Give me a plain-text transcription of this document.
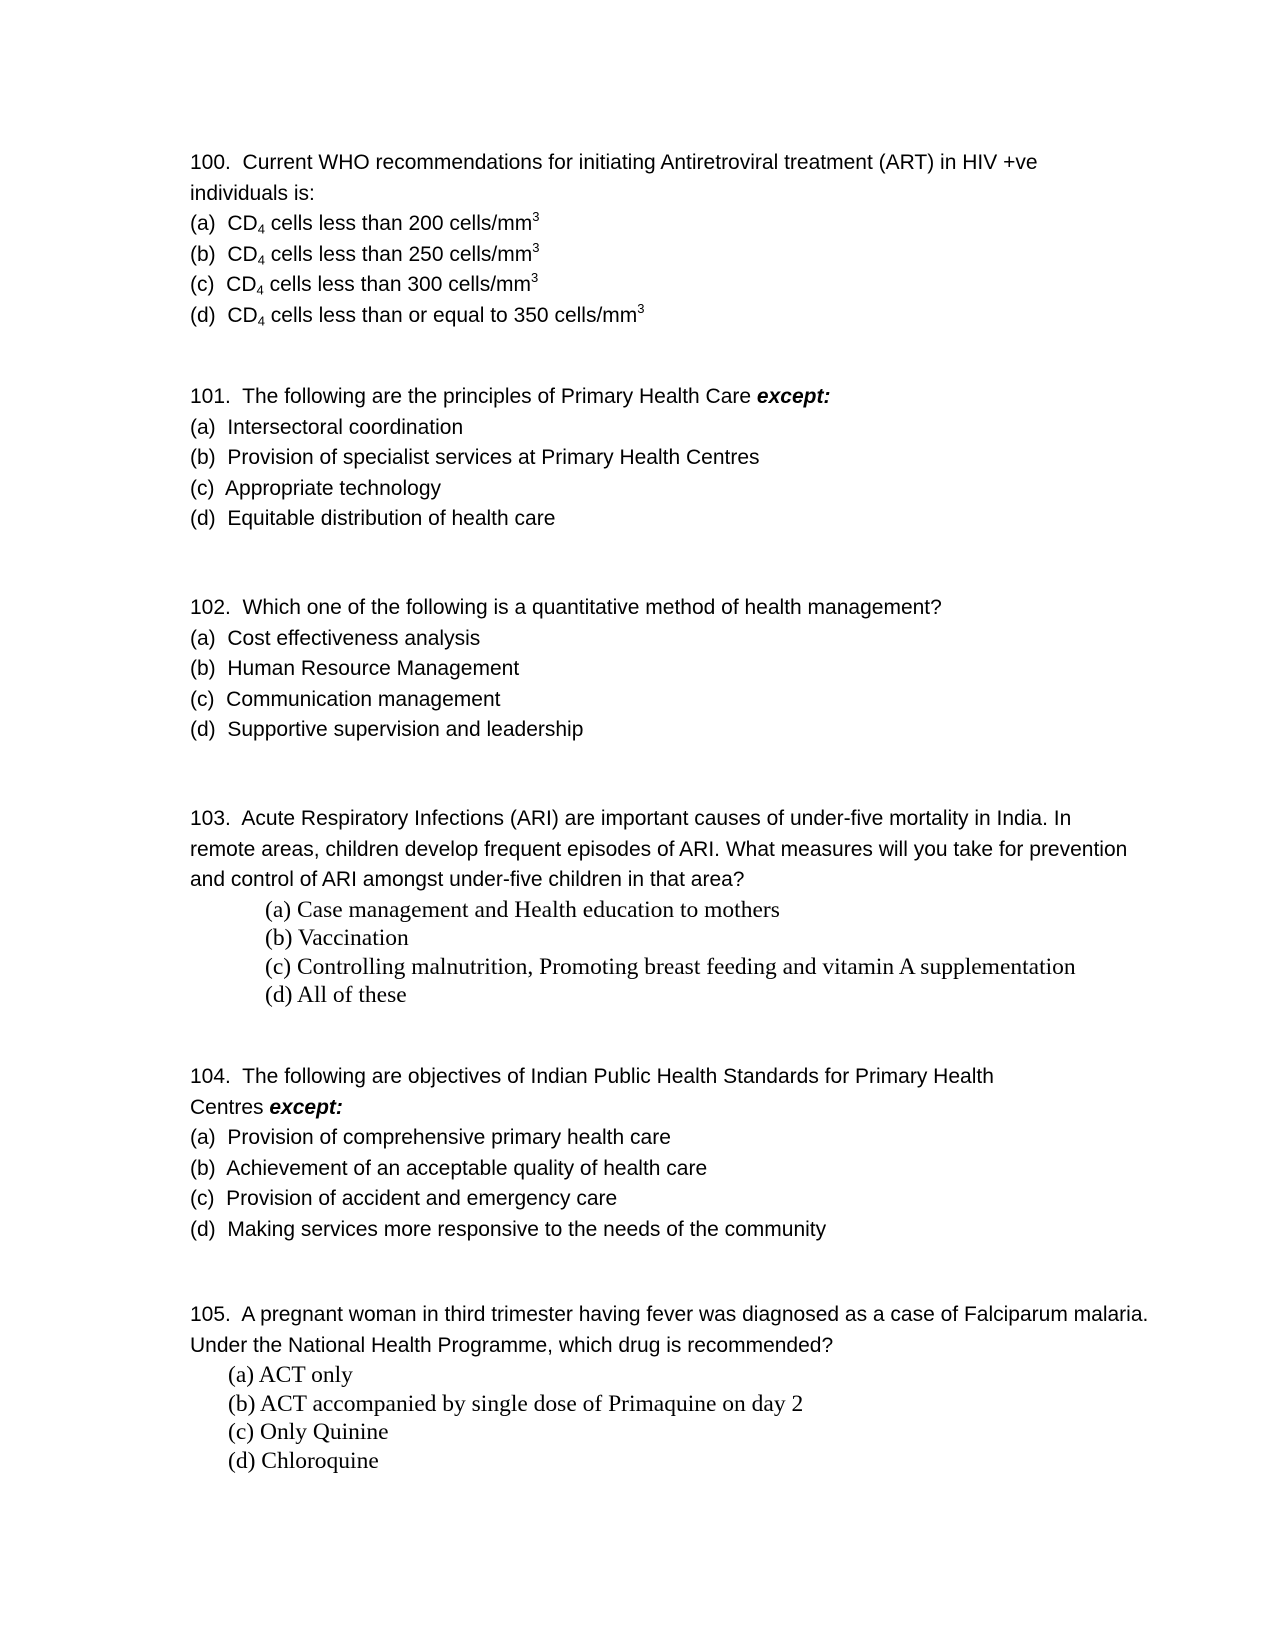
100. Current WHO recommendations for initiating Antiretroviral treatment (ART) in HIV +ve individuals is:

(a) $CD_4$ cells less than 200 cells/$mm^3$
(b) $CD_4$ cells less than 250 cells/$mm^3$
(c) $CD_4$ cells less than 300 cells/$mm^3$
(d) $CD_4$ cells less than or equal to 350 cells/$mm^3$

101. The following are the principles of Primary Health Care except:

(a) Intersectoral coordination
(b) Provision of specialist services at Primary Health Centres
(c) Appropriate technology
(d) Equitable distribution of health care

102. Which one of the following is a quantitative method of health management?

(a) Cost effectiveness analysis
(b) Human Resource Management
(c) Communication management
(d) Supportive supervision and leadership

103. Acute Respiratory Infections (ARI) are important causes of under-five mortality in India. In remote areas, children develop frequent episodes of ARI. What measures will you take for prevention and control of ARI amongst under-five children in that area?

(a) Case management and Health education to mothers
(b) Vaccination
(c) Controlling malnutrition, Promoting breast feeding and vitamin A supplementation
(d) All of these

104. The following are objectives of Indian Public Health Standards for Primary Health Centres except:

(a) Provision of comprehensive primary health care
(b) Achievement of an acceptable quality of health care
(c) Provision of accident and emergency care
(d) Making services more responsive to the needs of the community

105. A pregnant woman in third trimester having fever was diagnosed as a case of Falciparum malaria. Under the National Health Programme, which drug is recommended?

(a) ACT only
(b) ACT accompanied by single dose of Primaquine on day 2
(c) Only Quinine
(d) Chloroquine
